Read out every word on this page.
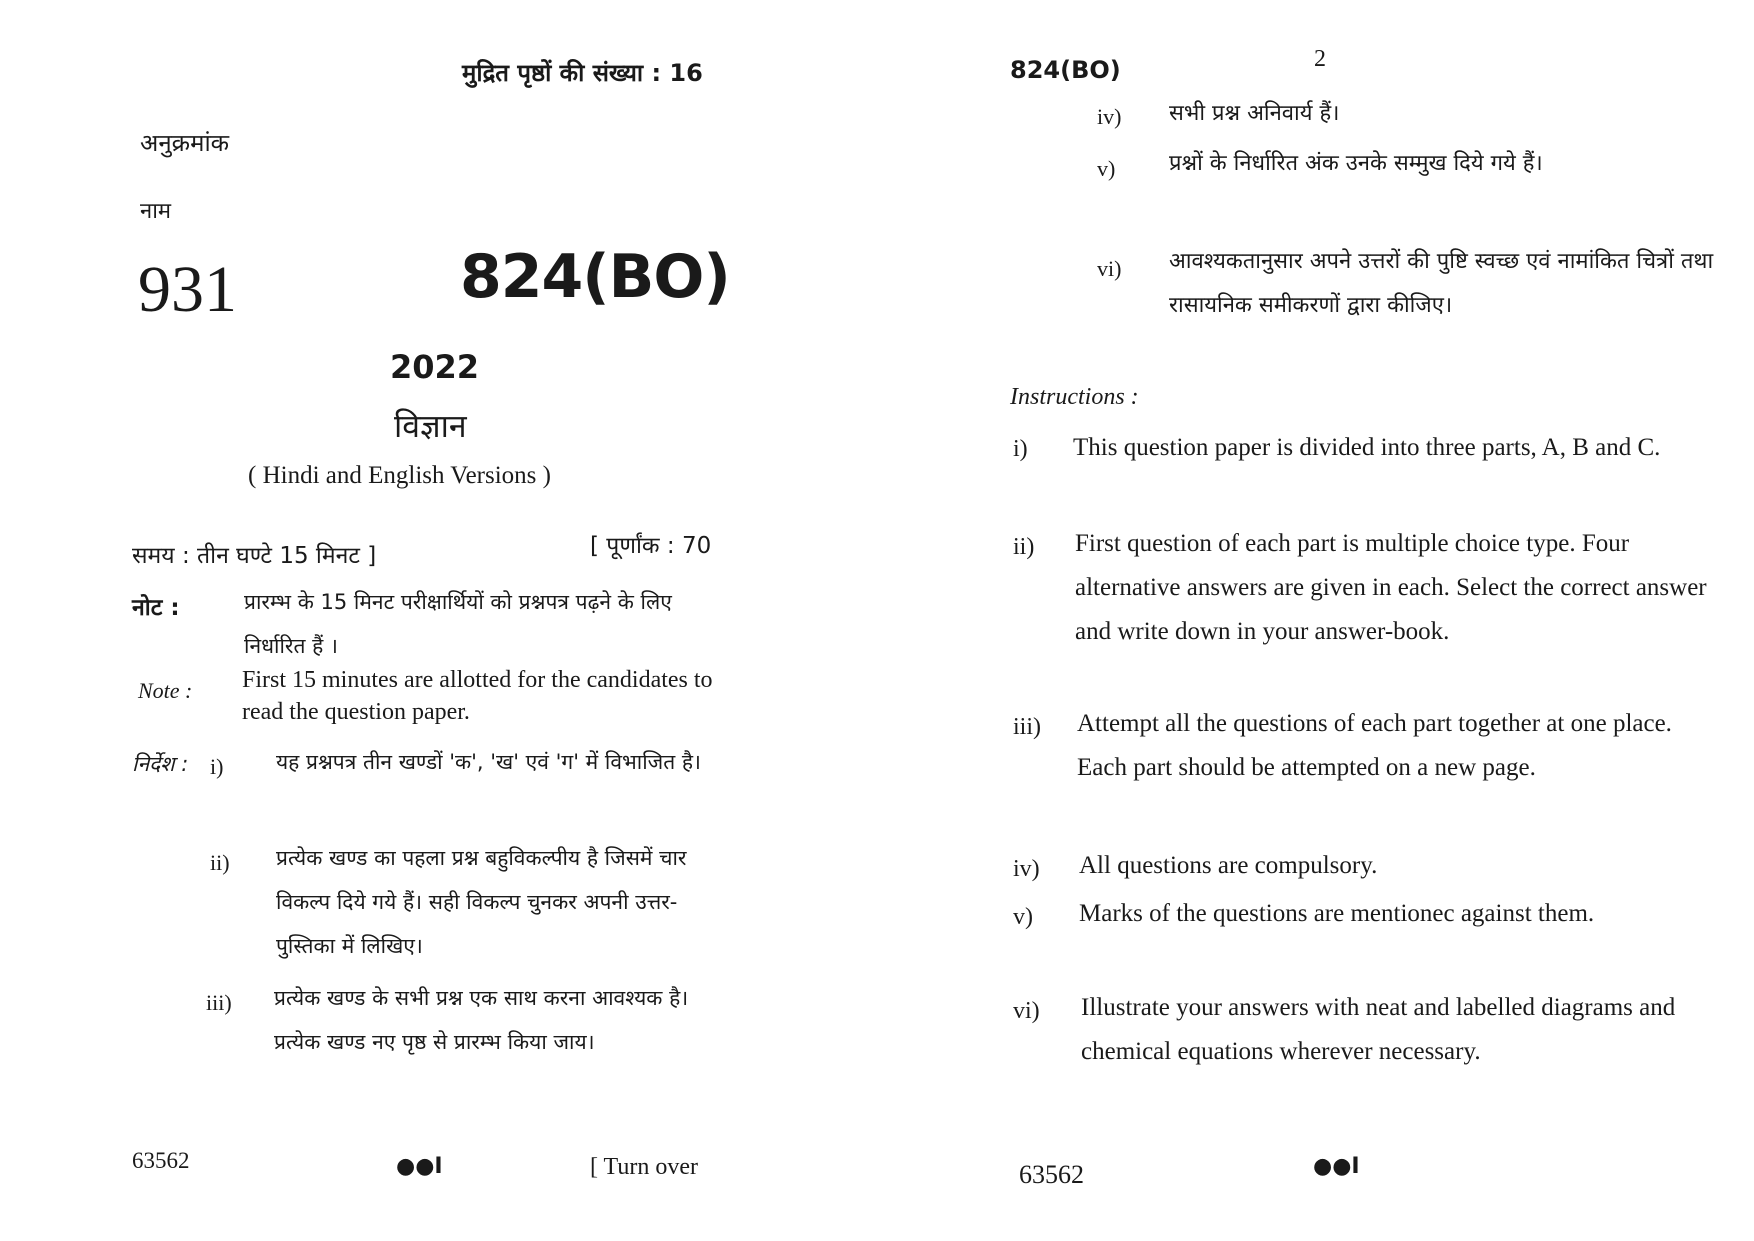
मुद्रित पृष्ठों की संख्या : 16
अनुक्रमांक
नाम
931	824(BO)
2022
विज्ञान
( Hindi and English Versions )
समय : तीन घण्टे 15 मिनट ]	[ पूर्णांक : 70
नोट :	प्रारम्भ के 15 मिनट परीक्षार्थियों को प्रश्नपत्र पढ़ने के लिए निर्धारित हैं ।
Note : First 15 minutes are allotted for the candidates to read the question paper.
निर्देश : i)	यह प्रश्नपत्र तीन खण्डों 'क', 'ख' एवं 'ग' में विभाजित है।
ii) प्रत्येक खण्ड का पहला प्रश्न बहुविकल्पीय है जिसमें चार विकल्प दिये गये हैं। सही विकल्प चुनकर अपनी उत्तर-पुस्तिका में लिखिए।
iii) प्रत्येक खण्ड के सभी प्रश्न एक साथ करना आवश्यक है। प्रत्येक खण्ड नए पृष्ठ से प्रारम्भ किया जाय।
63562	●●I	[ Turn over
824(BO)	2
iv) सभी प्रश्न अनिवार्य हैं।
v) प्रश्नों के निर्धारित अंक उनके सम्मुख दिये गये हैं।
vi) आवश्यकतानुसार अपने उत्तरों की पुष्टि स्वच्छ एवं नामांकित चित्रों तथा रासायनिक समीकरणों द्वारा कीजिए।
Instructions :
i) This question paper is divided into three parts, A, B and C.
ii) First question of each part is multiple choice type. Four alternative answers are given in each. Select the correct answer and write down in your answer-book.
iii) Attempt all the questions of each part together at one place. Each part should be attempted on a new page.
iv) All questions are compulsory.
v) Marks of the questions are mentionec against them.
vi) Illustrate your answers with neat and labelled diagrams and chemical equations wherever necessary.
63562	●●I
